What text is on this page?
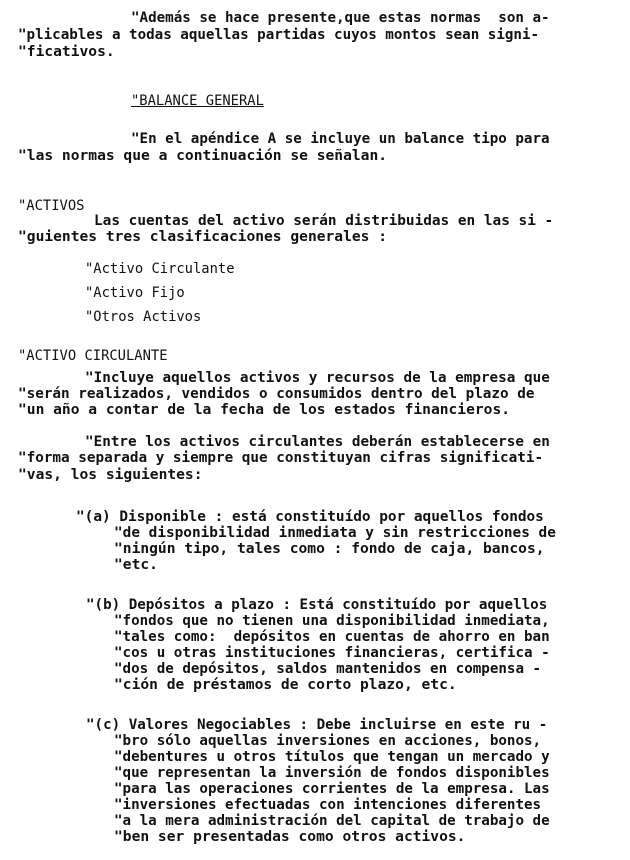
"Además se hace presente,que estas normas  son a-
"plicables a todas aquellas partidas cuyos montos sean signi-
"ficativos.
"BALANCE GENERAL
"En el apéndice A se incluye un balance tipo para
"las normas que a continuación se señalan.
"ACTIVOS
Las cuentas del activo serán distribuidas en las si -
"guientes tres clasificaciones generales :
"Activo Circulante
"Activo Fijo
"Otros Activos
"ACTIVO CIRCULANTE
"Incluye aquellos activos y recursos de la empresa que
"serán realizados, vendidos o consumidos dentro del plazo de
"un año a contar de la fecha de los estados financieros.
"Entre los activos circulantes deberán establecerse en
"forma separada y siempre que constituyan cifras significati-
"vas, los siguientes:
"(a) Disponible : está constituído por aquellos fondos
"de disponibilidad inmediata y sin restricciones de
"ningún tipo, tales como : fondo de caja, bancos,
"etc.
"(b) Depósitos a plazo : Está constituído por aquellos
"fondos que no tienen una disponibilidad inmediata,
"tales como:  depósitos en cuentas de ahorro en ban
"cos u otras instituciones financieras, certifica -
"dos de depósitos, saldos mantenidos en compensa -
"ción de préstamos de corto plazo, etc.
"(c) Valores Negociables : Debe incluirse en este ru -
"bro sólo aquellas inversiones en acciones, bonos,
"debentures u otros títulos que tengan un mercado y
"que representan la inversión de fondos disponibles
"para las operaciones corrientes de la empresa. Las
"inversiones efectuadas con intenciones diferentes
"a la mera administración del capital de trabajo de
"ben ser presentadas como otros activos.
